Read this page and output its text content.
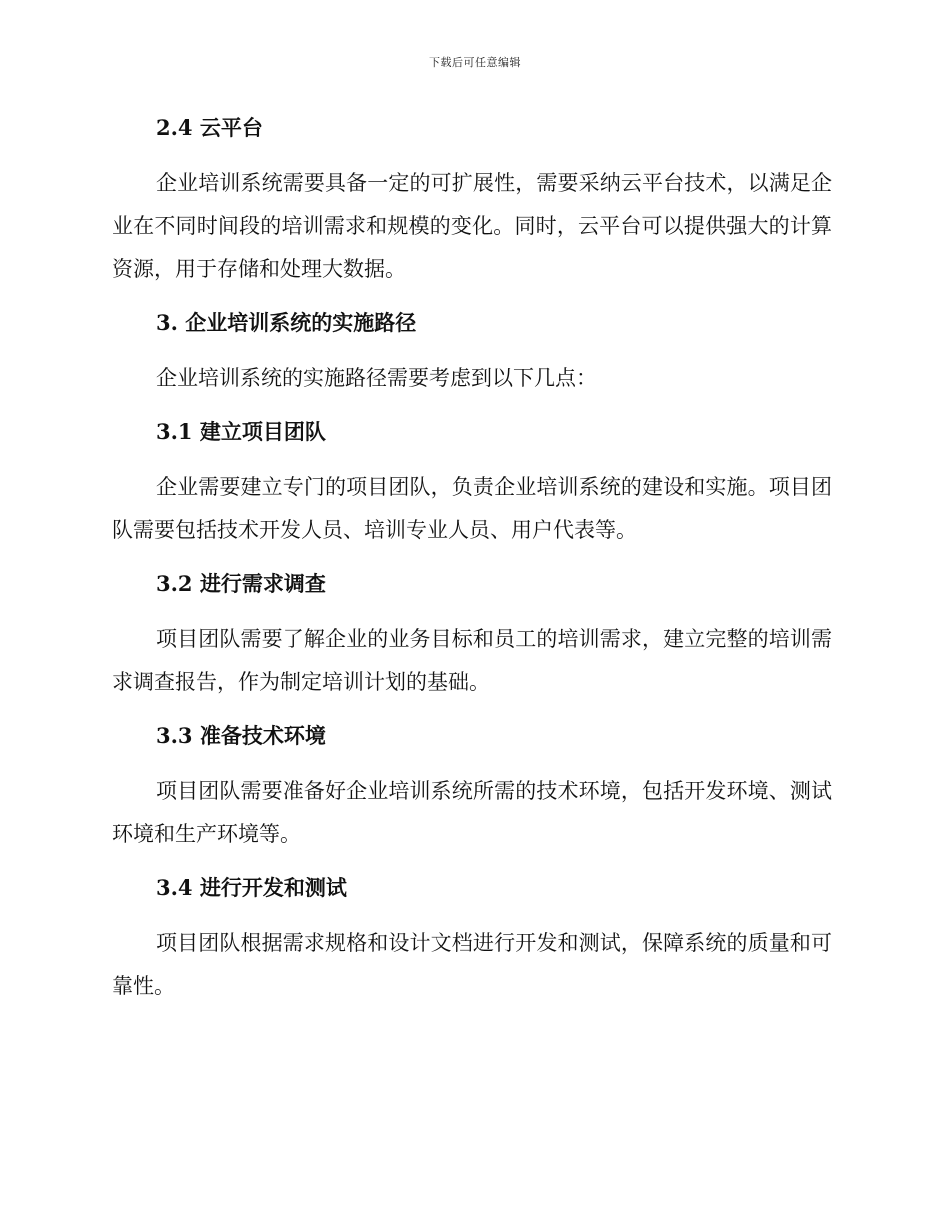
下载后可任意编辑
2.4 云平台

企业培训系统需要具备一定的可扩展性，需要采纳云平台技术，以满足企业在不同时间段的培训需求和规模的变化。同时，云平台可以提供强大的计算资源，用于存储和处理大数据。

3. 企业培训系统的实施路径

企业培训系统的实施路径需要考虑到以下几点：

3.1 建立项目团队

企业需要建立专门的项目团队，负责企业培训系统的建设和实施。项目团队需要包括技术开发人员、培训专业人员、用户代表等。

3.2 进行需求调查

项目团队需要了解企业的业务目标和员工的培训需求，建立完整的培训需求调查报告，作为制定培训计划的基础。

3.3 准备技术环境

项目团队需要准备好企业培训系统所需的技术环境，包括开发环境、测试环境和生产环境等。

3.4 进行开发和测试

项目团队根据需求规格和设计文档进行开发和测试，保障系统的质量和可靠性。
